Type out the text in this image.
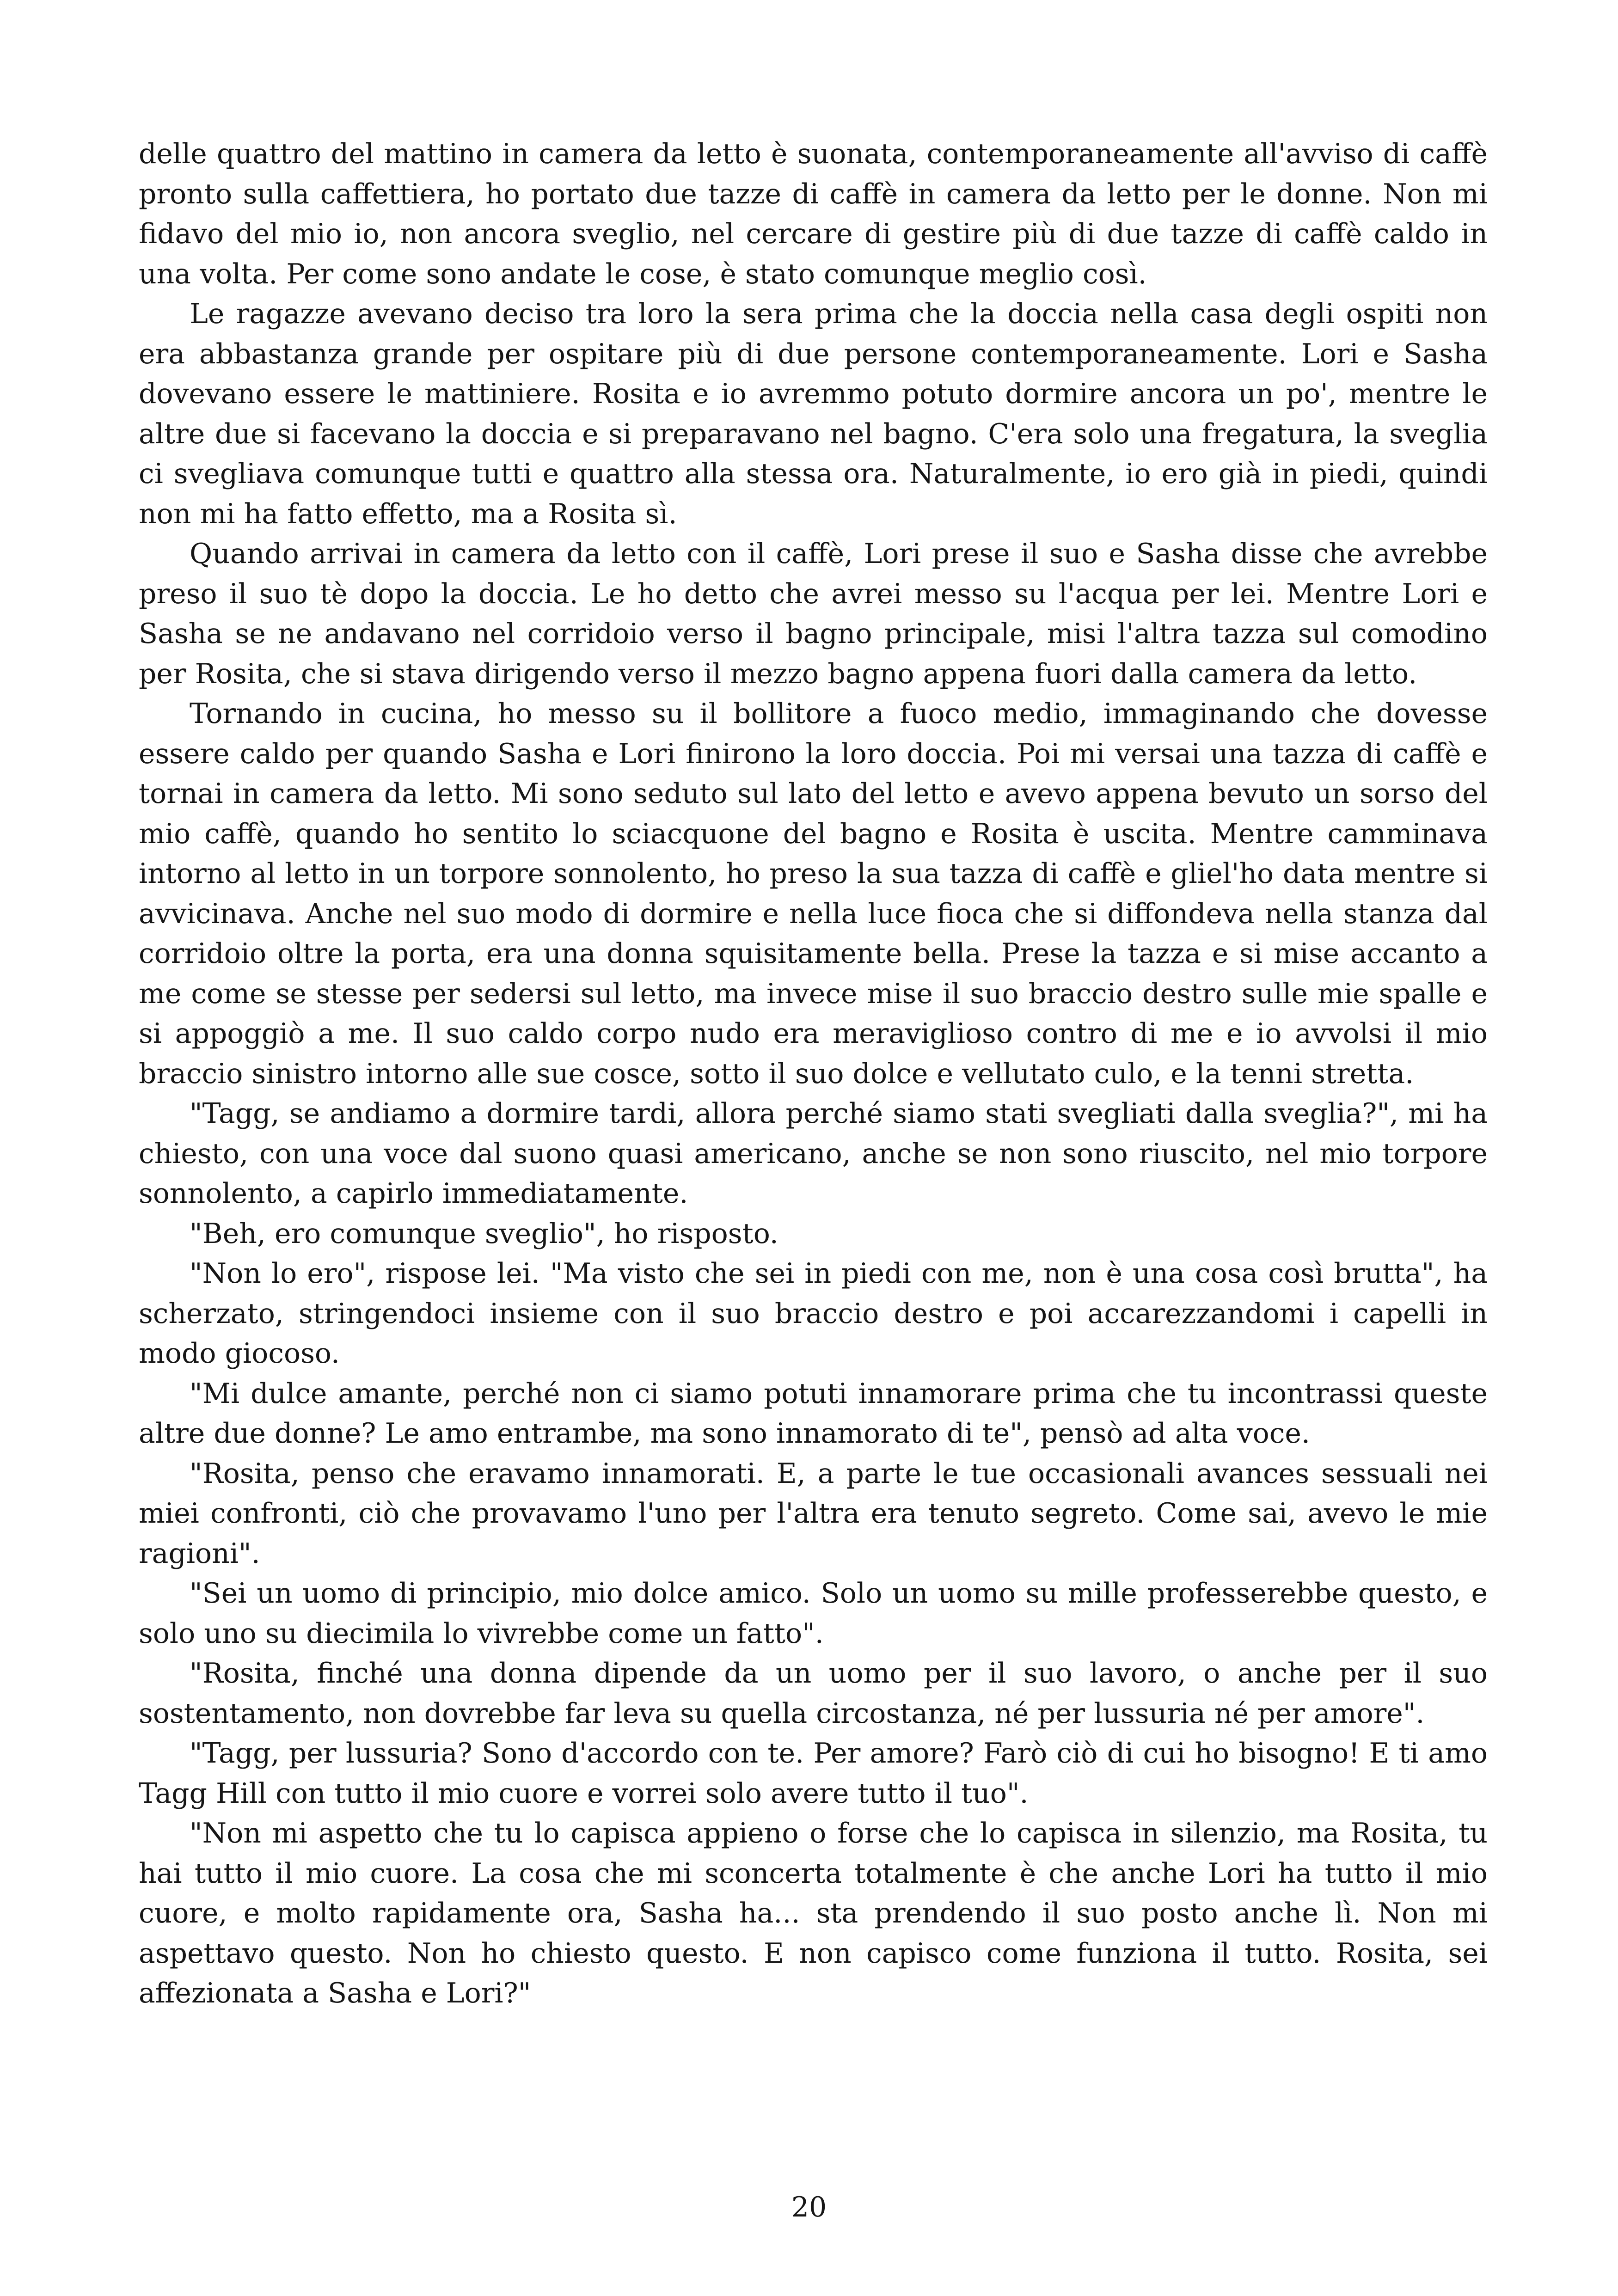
delle quattro del mattino in camera da letto è suonata, contemporaneamente all'avviso di caffè pronto sulla caffettiera, ho portato due tazze di caffè in camera da letto per le donne. Non mi fidavo del mio io, non ancora sveglio, nel cercare di gestire più di due tazze di caffè caldo in una volta. Per come sono andate le cose, è stato comunque meglio così.

Le ragazze avevano deciso tra loro la sera prima che la doccia nella casa degli ospiti non era abbastanza grande per ospitare più di due persone contemporaneamente. Lori e Sasha dovevano essere le mattiniere. Rosita e io avremmo potuto dormire ancora un po', mentre le altre due si facevano la doccia e si preparavano nel bagno. C'era solo una fregatura, la sveglia ci svegliava comunque tutti e quattro alla stessa ora. Naturalmente, io ero già in piedi, quindi non mi ha fatto effetto, ma a Rosita sì.

Quando arrivai in camera da letto con il caffè, Lori prese il suo e Sasha disse che avrebbe preso il suo tè dopo la doccia. Le ho detto che avrei messo su l'acqua per lei. Mentre Lori e Sasha se ne andavano nel corridoio verso il bagno principale, misi l'altra tazza sul comodino per Rosita, che si stava dirigendo verso il mezzo bagno appena fuori dalla camera da letto.

Tornando in cucina, ho messo su il bollitore a fuoco medio, immaginando che dovesse essere caldo per quando Sasha e Lori finirono la loro doccia. Poi mi versai una tazza di caffè e tornai in camera da letto. Mi sono seduto sul lato del letto e avevo appena bevuto un sorso del mio caffè, quando ho sentito lo sciacquone del bagno e Rosita è uscita. Mentre camminava intorno al letto in un torpore sonnolento, ho preso la sua tazza di caffè e gliel'ho data mentre si avvicinava. Anche nel suo modo di dormire e nella luce fioca che si diffondeva nella stanza dal corridoio oltre la porta, era una donna squisitamente bella. Prese la tazza e si mise accanto a me come se stesse per sedersi sul letto, ma invece mise il suo braccio destro sulle mie spalle e si appoggiò a me. Il suo caldo corpo nudo era meraviglioso contro di me e io avvolsi il mio braccio sinistro intorno alle sue cosce, sotto il suo dolce e vellutato culo, e la tenni stretta.

"Tagg, se andiamo a dormire tardi, allora perché siamo stati svegliati dalla sveglia?", mi ha chiesto, con una voce dal suono quasi americano, anche se non sono riuscito, nel mio torpore sonnolento, a capirlo immediatamente.

"Beh, ero comunque sveglio", ho risposto.

"Non lo ero", rispose lei. "Ma visto che sei in piedi con me, non è una cosa così brutta", ha scherzato, stringendoci insieme con il suo braccio destro e poi accarezzandomi i capelli in modo giocoso.

"Mi dulce amante, perché non ci siamo potuti innamorare prima che tu incontrassi queste altre due donne? Le amo entrambe, ma sono innamorato di te", pensò ad alta voce.

"Rosita, penso che eravamo innamorati. E, a parte le tue occasionali avances sessuali nei miei confronti, ciò che provavamo l'uno per l'altra era tenuto segreto. Come sai, avevo le mie ragioni".

"Sei un uomo di principio, mio dolce amico. Solo un uomo su mille professerebbe questo, e solo uno su diecimila lo vivrebbe come un fatto".

"Rosita, finché una donna dipende da un uomo per il suo lavoro, o anche per il suo sostentamento, non dovrebbe far leva su quella circostanza, né per lussuria né per amore".

"Tagg, per lussuria? Sono d'accordo con te. Per amore? Farò ciò di cui ho bisogno! E ti amo Tagg Hill con tutto il mio cuore e vorrei solo avere tutto il tuo".

"Non mi aspetto che tu lo capisca appieno o forse che lo capisca in silenzio, ma Rosita, tu hai tutto il mio cuore. La cosa che mi sconcerta totalmente è che anche Lori ha tutto il mio cuore, e molto rapidamente ora, Sasha ha... sta prendendo il suo posto anche lì. Non mi aspettavo questo. Non ho chiesto questo. E non capisco come funziona il tutto. Rosita, sei affezionata a Sasha e Lori?"

20
